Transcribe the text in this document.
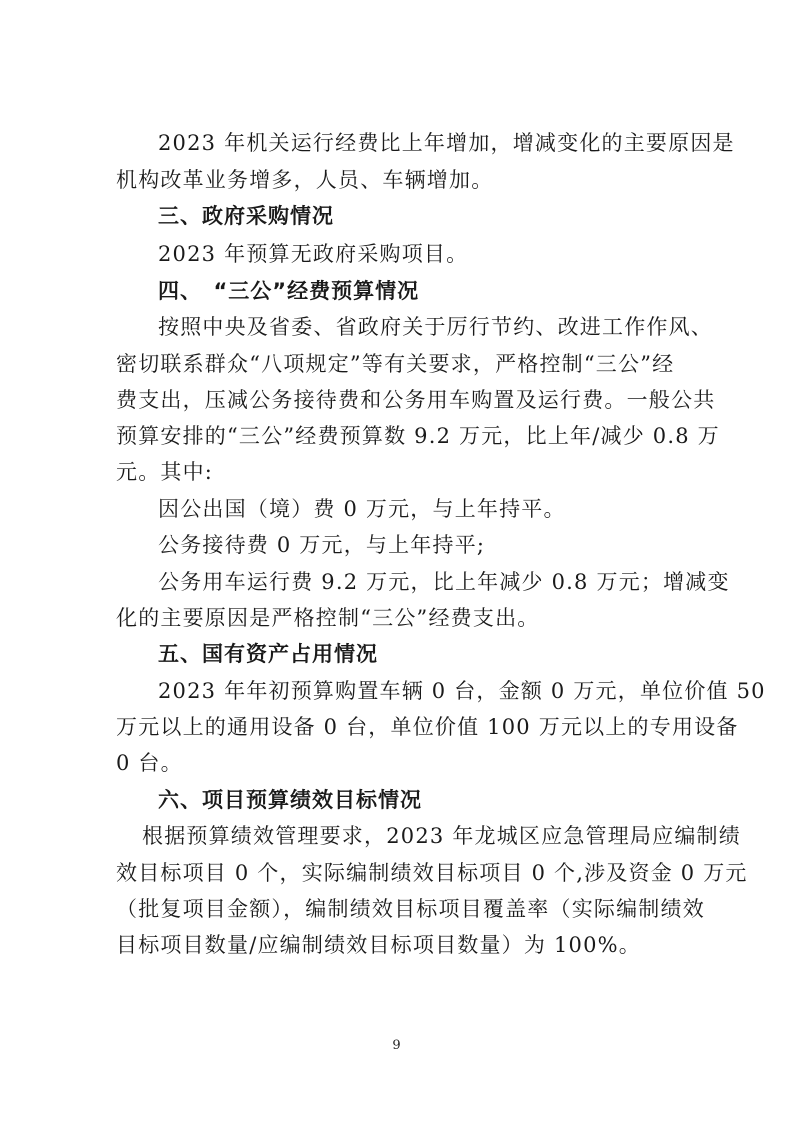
2023 年机关运行经费比上年增加，增减变化的主要原因是
机构改革业务增多，人员、车辆增加。
三、政府采购情况
2023 年预算无政府采购项目。
四、　“三公”经费预算情况
按照中央及省委、省政府关于厉行节约、改进工作作风、
密切联系群众“八项规定”等有关要求，严格控制“三公”经
费支出，压减公务接待费和公务用车购置及运行费。一般公共
预算安排的“三公”经费预算数 9.2 万元，比上年/减少 0.8 万
元。其中:
因公出国（境）费 0 万元，与上年持平。
公务接待费 0 万元，与上年持平;
公务用车运行费 9.2 万元，比上年减少 0.8 万元；增减变
化的主要原因是严格控制“三公”经费支出。
五、国有资产占用情况
2023 年年初预算购置车辆 0 台，金额 0 万元，单位价值 50
万元以上的通用设备 0 台，单位价值 100 万元以上的专用设备
0 台。
六、项目预算绩效目标情况
根据预算绩效管理要求，2023 年龙城区应急管理局应编制绩
效目标项目 0 个，实际编制绩效目标项目 0 个,涉及资金 0 万元
（批复项目金额），编制绩效目标项目覆盖率（实际编制绩效
目标项目数量/应编制绩效目标项目数量）为 100%。
9
